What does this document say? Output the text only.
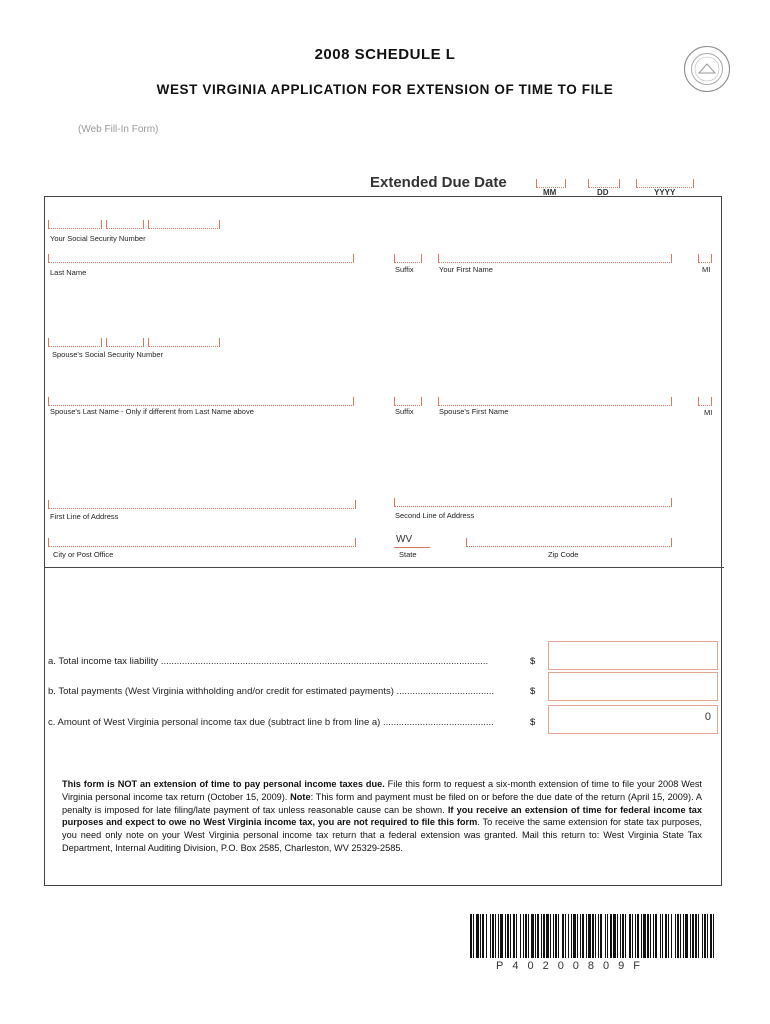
2008 SCHEDULE L
WEST VIRGINIA APPLICATION FOR EXTENSION OF TIME TO FILE
(Web Fill-In Form)
Extended Due Date
MM	DD	YYYY
Your Social Security Number
Last Name	Suffix	Your First Name	MI
Spouse's Social Security Number
Spouse's Last Name - Only if different from Last Name above	Suffix	Spouse's First Name	MI
First Line of Address	Second Line of Address
WV
City or Post Office	State	Zip Code
a. Total income tax liability ............................................................................................................................	$
b. Total payments (West Virginia withholding and/or credit for estimated payments) .....................................	$
c. Amount of West Virginia personal income tax due (subtract line b from line a) ..........................................	$	0
This form is NOT an extension of time to pay personal income taxes due. File this form to request a six-month extension of time to file your 2008 West Virginia personal income tax return (October 15, 2009). Note: This form and payment must be filed on or before the due date of the return (April 15, 2009). A penalty is imposed for late filing/late payment of tax unless reasonable cause can be shown. If you receive an extension of time for federal income tax purposes and expect to owe no West Virginia income tax, you are not required to file this form. To receive the same extension for state tax purposes, you need only note on your West Virginia personal income tax return that a federal extension was granted. Mail this return to: West Virginia State Tax Department, Internal Auditing Division, P.O. Box 2585, Charleston, WV 25329-2585.
P40200809F
